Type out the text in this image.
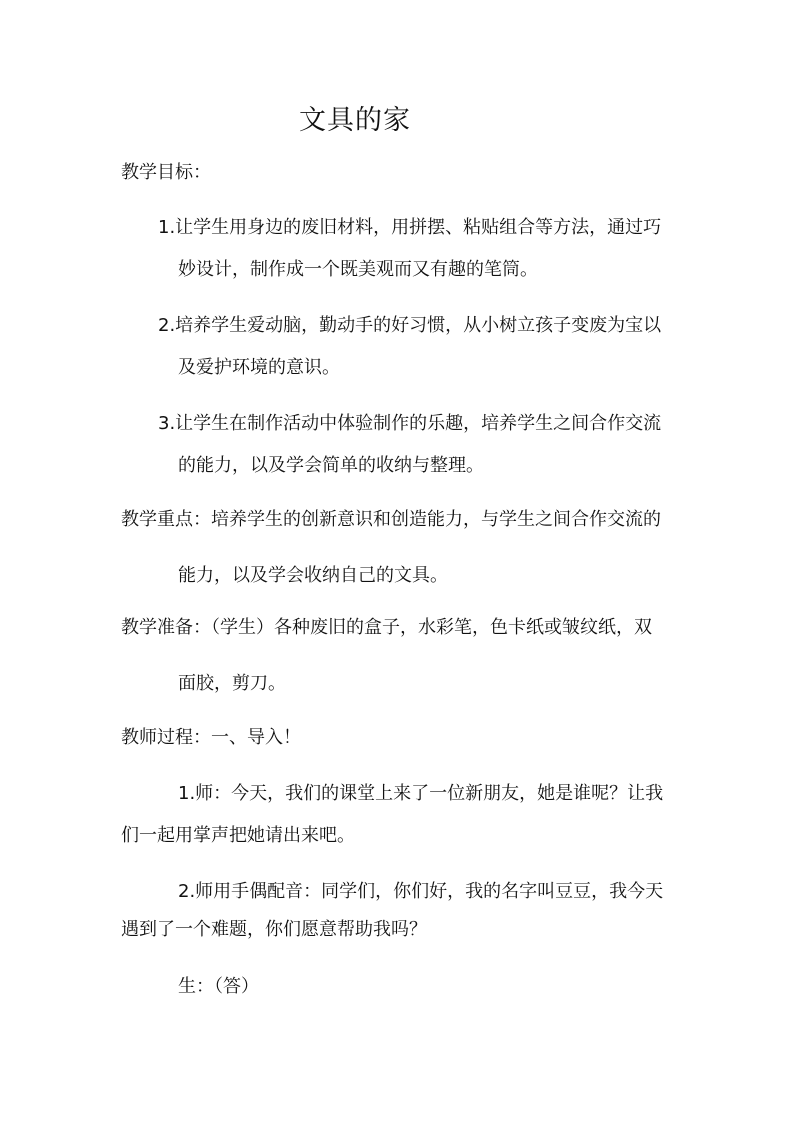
文具的家
教学目标：
1.让学生用身边的废旧材料，用拼摆、粘贴组合等方法，通过巧
妙设计，制作成一个既美观而又有趣的笔筒。
2.培养学生爱动脑，勤动手的好习惯，从小树立孩子变废为宝以
及爱护环境的意识。
3.让学生在制作活动中体验制作的乐趣，培养学生之间合作交流
的能力，以及学会简单的收纳与整理。
教学重点：培养学生的创新意识和创造能力，与学生之间合作交流的
能力，以及学会收纳自己的文具。
教学准备：（学生）各种废旧的盒子，水彩笔，色卡纸或皱纹纸，双
面胶，剪刀。
教师过程：一、导入！
1.师：今天，我们的课堂上来了一位新朋友，她是谁呢？让我
们一起用掌声把她请出来吧。
2.师用手偶配音：同学们，你们好，我的名字叫豆豆，我今天
遇到了一个难题，你们愿意帮助我吗？
生：（答）
